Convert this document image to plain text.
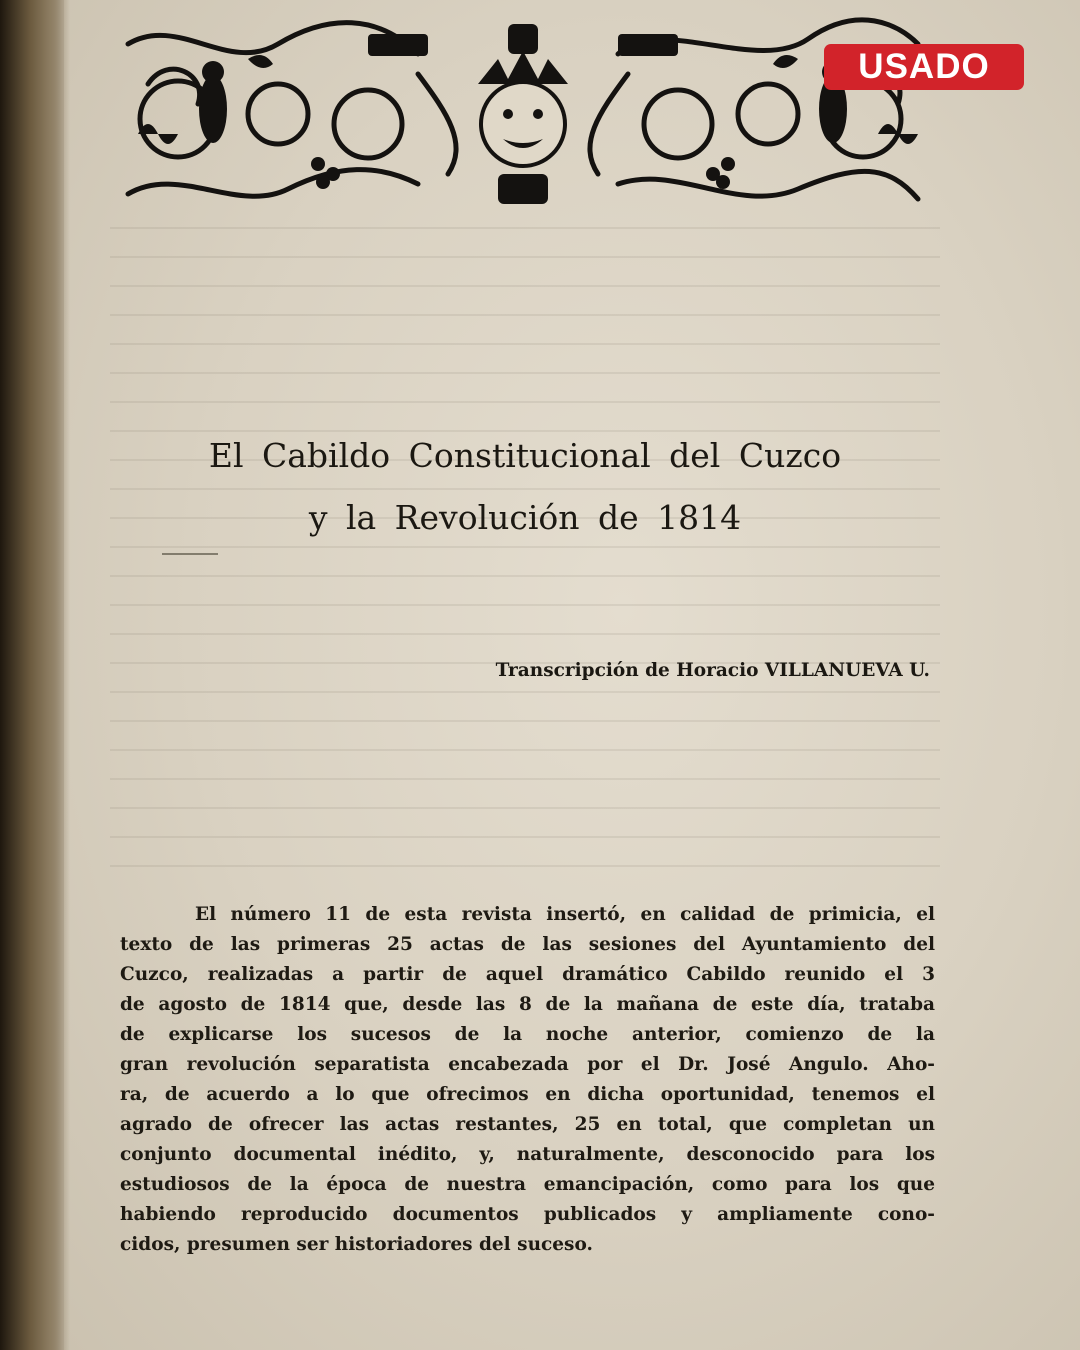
USADO
El Cabildo Constitucional del Cuzco
y la Revolución de 1814
Transcripción de Horacio VILLANUEVA U.
El número 11 de esta revista insertó, en calidad de primicia, el
texto de las primeras 25 actas de las sesiones del Ayuntamiento del
Cuzco, realizadas a partir de aquel dramático Cabildo reunido el 3
de agosto de 1814 que, desde las 8 de la mañana de este día, trataba
de explicarse los sucesos de la noche anterior, comienzo de la
gran revolución separatista encabezada por el Dr. José Angulo. Aho-
ra, de acuerdo a lo que ofrecimos en dicha oportunidad, tenemos el
agrado de ofrecer las actas restantes, 25 en total, que completan un
conjunto documental inédito, y, naturalmente, desconocido para los
estudiosos de la época de nuestra emancipación, como para los que
habiendo reproducido documentos publicados y ampliamente cono-
cidos, presumen ser historiadores del suceso.
